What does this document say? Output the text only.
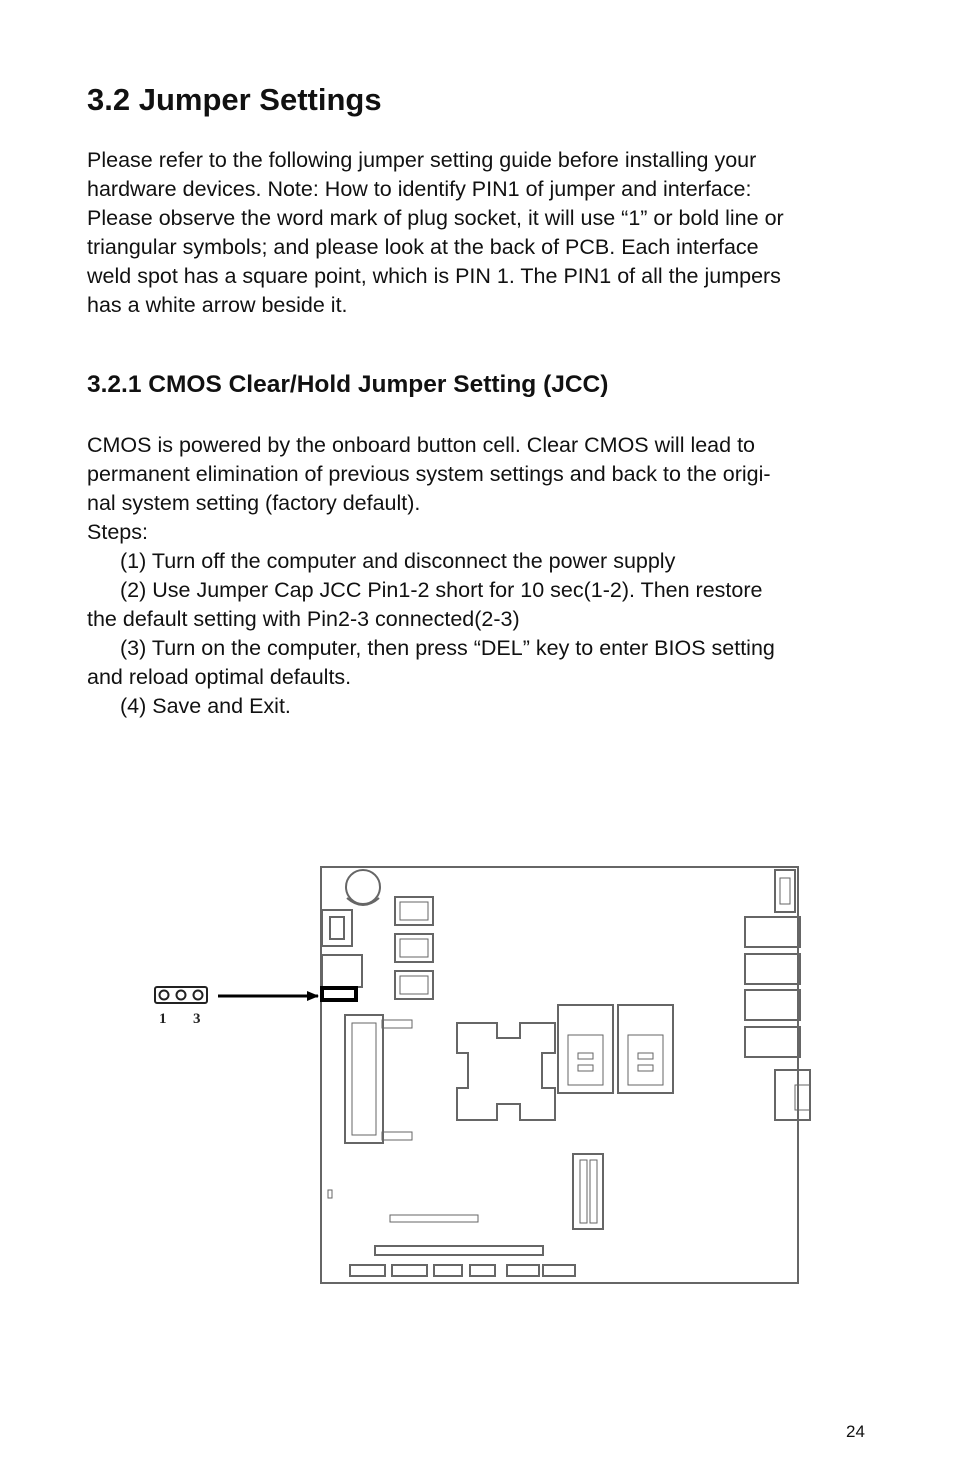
3.2 Jumper Settings

Please refer to the following jumper setting guide before installing your
hardware devices. Note: How to identify PIN1 of jumper and interface:
Please observe the word mark of plug socket, it will use “1” or bold line or
triangular symbols; and please look at the back of PCB. Each interface
weld spot has a square point, which is PIN 1. The PIN1 of all the jumpers
has a white arrow beside it.

3.2.1 CMOS Clear/Hold Jumper Setting (JCC)
CMOS is powered by the onboard button cell. Clear CMOS will lead to
permanent elimination of previous system settings and back to the origi-
nal system setting (factory default).
Steps:
(1) Turn off the computer and disconnect the power supply
(2) Use Jumper Cap JCC Pin1-2 short for 10 sec(1-2). Then restore
the default setting with Pin2-3 connected(2-3)
(3) Turn on the computer, then press “DEL” key to enter BIOS setting
and reload optimal defaults.
(4) Save and Exit.
1 3
24
